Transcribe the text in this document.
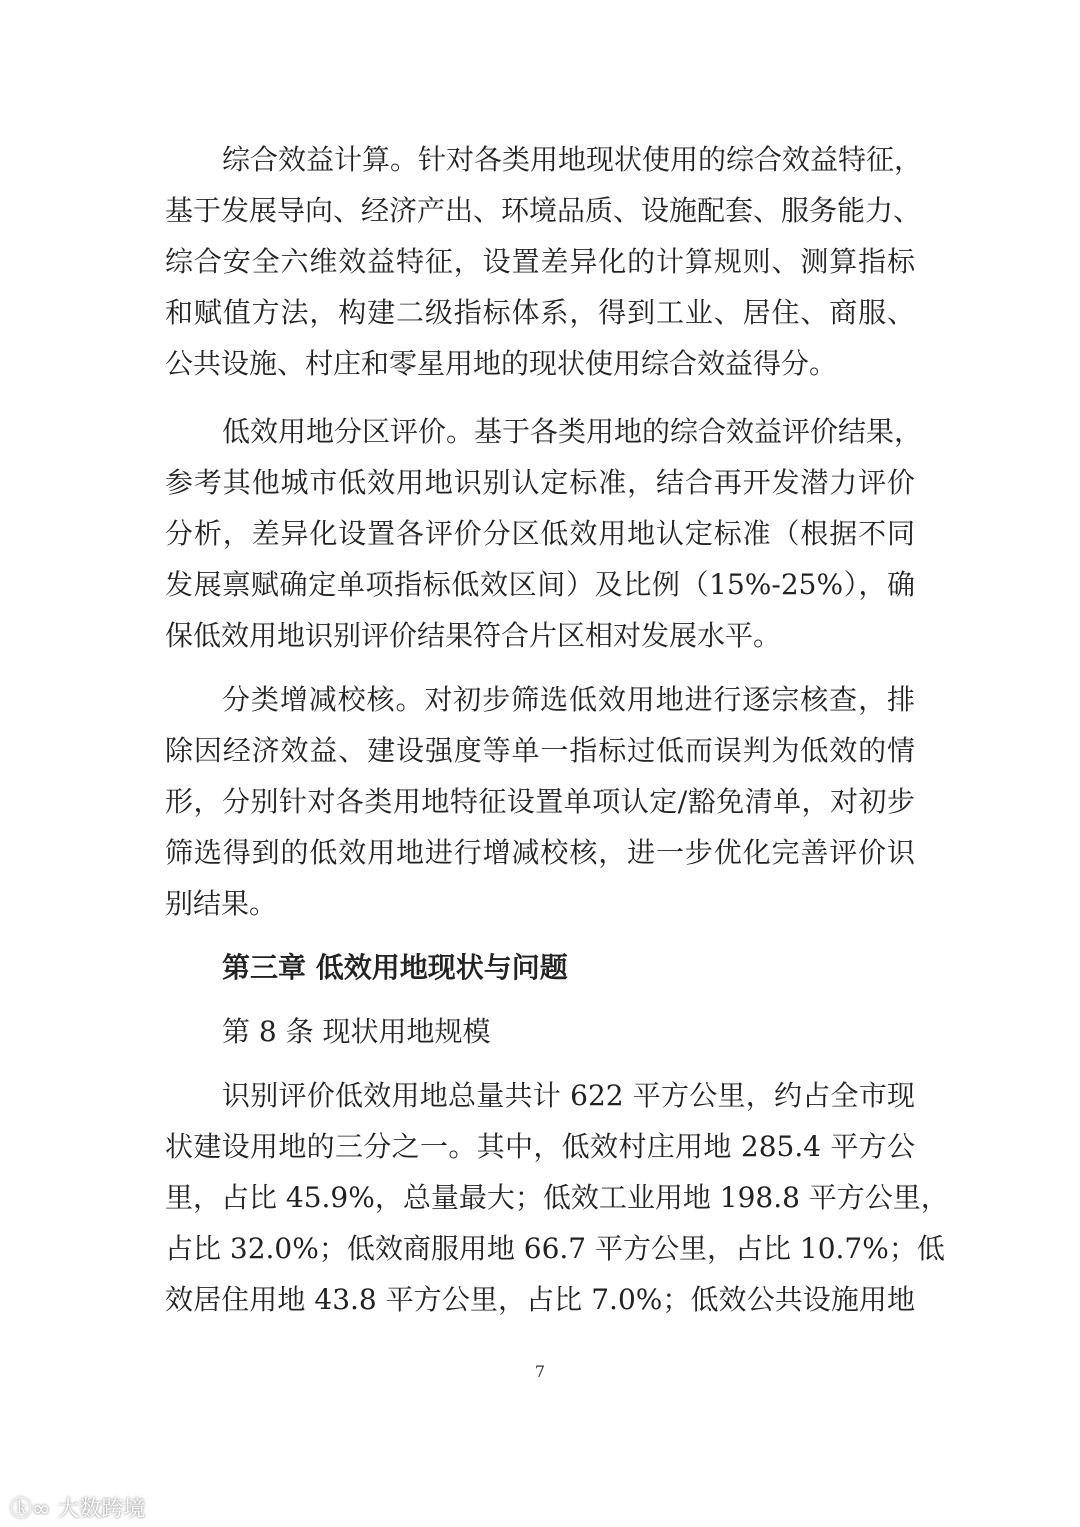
综合效益计算。针对各类用地现状使用的综合效益特征，
基于发展导向、经济产出、环境品质、设施配套、服务能力、
综合安全六维效益特征，设置差异化的计算规则、测算指标
和赋值方法，构建二级指标体系，得到工业、居住、商服、
公共设施、村庄和零星用地的现状使用综合效益得分。
低效用地分区评价。基于各类用地的综合效益评价结果，
参考其他城市低效用地识别认定标准，结合再开发潜力评价
分析，差异化设置各评价分区低效用地认定标准（根据不同
发展禀赋确定单项指标低效区间）及比例（15%-25%），确
保低效用地识别评价结果符合片区相对发展水平。
分类增减校核。对初步筛选低效用地进行逐宗核查，排
除因经济效益、建设强度等单一指标过低而误判为低效的情
形，分别针对各类用地特征设置单项认定/豁免清单，对初步
筛选得到的低效用地进行增减校核，进一步优化完善评价识
别结果。
识别评价低效用地总量共计 622 平方公里，约占全市现
状建设用地的三分之一。其中，低效村庄用地 285.4 平方公
里，占比 45.9%，总量最大；低效工业用地 198.8 平方公里，
占比 32.0%；低效商服用地 66.7 平方公里，占比 10.7%；低
效居住用地 43.8 平方公里，占比 7.0%；低效公共设施用地
第三章 低效用地现状与问题
第 8 条 现状用地规模
7
ⓚ∞ 大数跨境
